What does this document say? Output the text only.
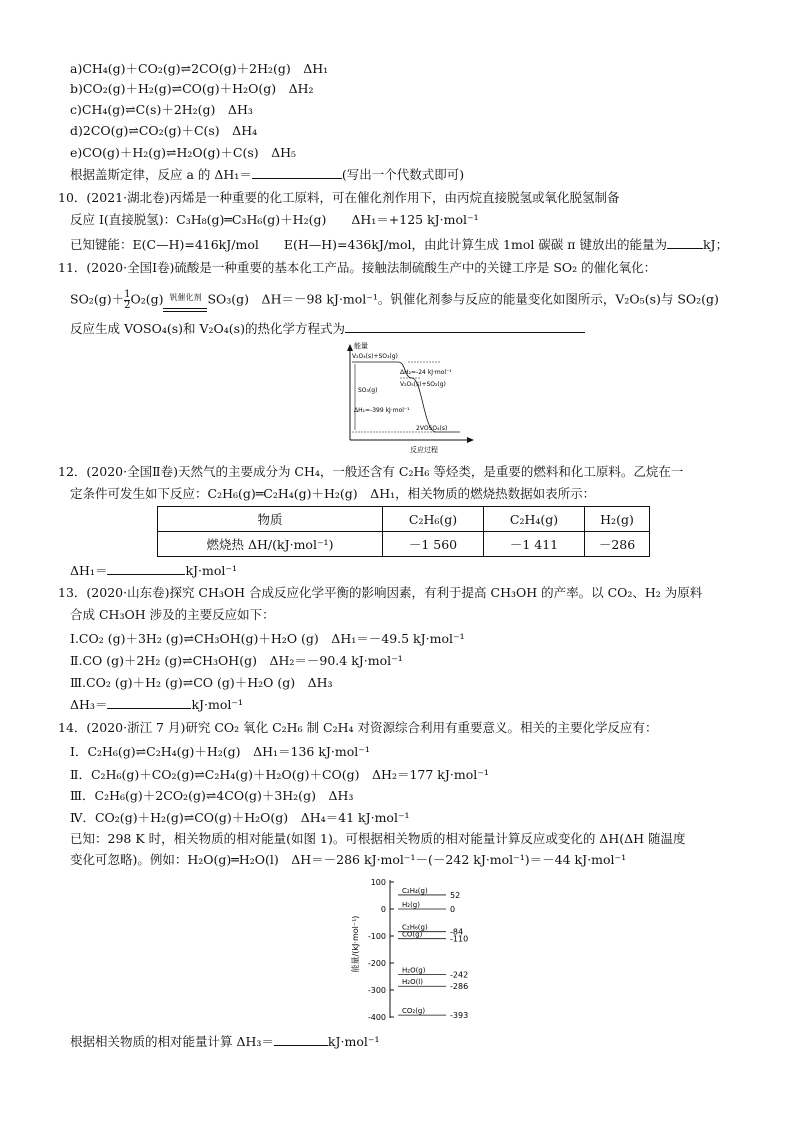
a)CH₄(g)＋CO₂(g)⇌2CO(g)＋2H₂(g)　ΔH₁
b)CO₂(g)＋H₂(g)⇌CO(g)＋H₂O(g)　ΔH₂
c)CH₄(g)⇌C(s)＋2H₂(g)　ΔH₃
d)2CO(g)⇌CO₂(g)＋C(s)　ΔH₄
e)CO(g)＋H₂(g)⇌H₂O(g)＋C(s)　ΔH₅
根据盖斯定律，反应 a 的 ΔH₁＝	(写出一个代数式即可)
10．(2021·湖北卷)丙烯是一种重要的化工原料，可在催化剂作用下，由丙烷直接脱氢或氧化脱氢制备
反应 I(直接脱氢)：C₃H₈(g)═C₃H₆(g)＋H₂(g)　　ΔH₁＝+125 kJ·mol⁻¹
已知键能：E(C—H)=416kJ/mol　　E(H—H)=436kJ/mol，由此计算生成 1mol 碳碳 π 键放出的能量为	kJ；
11．(2020·全国Ⅰ卷)硫酸是一种重要的基本化工产品。接触法制硫酸生产中的关键工序是 SO₂ 的催化氧化：
$SO_2(g)+ \frac{1}{2} O_2(g)$ 钒催化剂 SO₃(g)　ΔH＝－98 kJ·mol⁻¹。钒催化剂参与反应的能量变化如图所示，V₂O₅(s)与 SO₂(g)
反应生成 VOSO₄(s)和 V₂O₄(s)的热化学方程式为
能量
反应过程
V₂O₄(s)+SO₃(g)
ΔH₂=-24 kJ·mol⁻¹
V₂O₅(s)+SO₂(g)
SO₃(g)
ΔH₁=-399 kJ·mol⁻¹
2VOSO₄(s)
12．(2020·全国Ⅱ卷)天然气的主要成分为 CH₄，一般还含有 C₂H₆ 等烃类，是重要的燃料和化工原料。乙烷在一
定条件可发生如下反应：C₂H₆(g)═C₂H₄(g)＋H₂(g)　ΔH₁，相关物质的燃烧热数据如表所示：
物质	C₂H₆(g)	C₂H₄(g)	H₂(g)
燃烧热 ΔH/(kJ·mol⁻¹)	－1 560	－1 411	－286
ΔH₁＝	kJ·mol⁻¹
13．(2020·山东卷)探究 CH₃OH 合成反应化学平衡的影响因素，有利于提高 CH₃OH 的产率。以 CO₂、H₂ 为原料
合成 CH₃OH 涉及的主要反应如下：
Ⅰ.CO₂ (g)＋3H₂ (g)⇌CH₃OH(g)＋H₂O (g)　ΔH₁＝－49.5 kJ·mol⁻¹
Ⅱ.CO (g)＋2H₂ (g)⇌CH₃OH(g)　ΔH₂＝－90.4 kJ·mol⁻¹
Ⅲ.CO₂ (g)＋H₂ (g)⇌CO (g)＋H₂O (g)　ΔH₃
ΔH₃＝	kJ·mol⁻¹
14．(2020·浙江 7 月)研究 CO₂ 氧化 C₂H₆ 制 C₂H₄ 对资源综合利用有重要意义。相关的主要化学反应有：
Ⅰ．C₂H₆(g)⇌C₂H₄(g)＋H₂(g)　ΔH₁＝136 kJ·mol⁻¹
Ⅱ．C₂H₆(g)＋CO₂(g)⇌C₂H₄(g)＋H₂O(g)＋CO(g)　ΔH₂＝177 kJ·mol⁻¹
Ⅲ．C₂H₆(g)＋2CO₂(g)⇌4CO(g)＋3H₂(g)　ΔH₃
Ⅳ．CO₂(g)＋H₂(g)⇌CO(g)＋H₂O(g)　ΔH₄＝41 kJ·mol⁻¹
已知：298 K 时，相关物质的相对能量(如图 1)。可根据相关物质的相对能量计算反应或变化的 ΔH(ΔH 随温度
变化可忽略)。例如：H₂O(g)═H₂O(l)　ΔH＝－286 kJ·mol⁻¹－(－242 kJ·mol⁻¹)＝－44 kJ·mol⁻¹
能量/(kJ·mol⁻¹)
100
0
-100
-200
-300
-400
C₂H₄(g)	52
H₂(g)	0
C₂H₆(g)	-84
CO(g)	-110
H₂O(g)	-242
H₂O(l)	-286
CO₂(g)	-393
根据相关物质的相对能量计算 ΔH₃＝	kJ·mol⁻¹
